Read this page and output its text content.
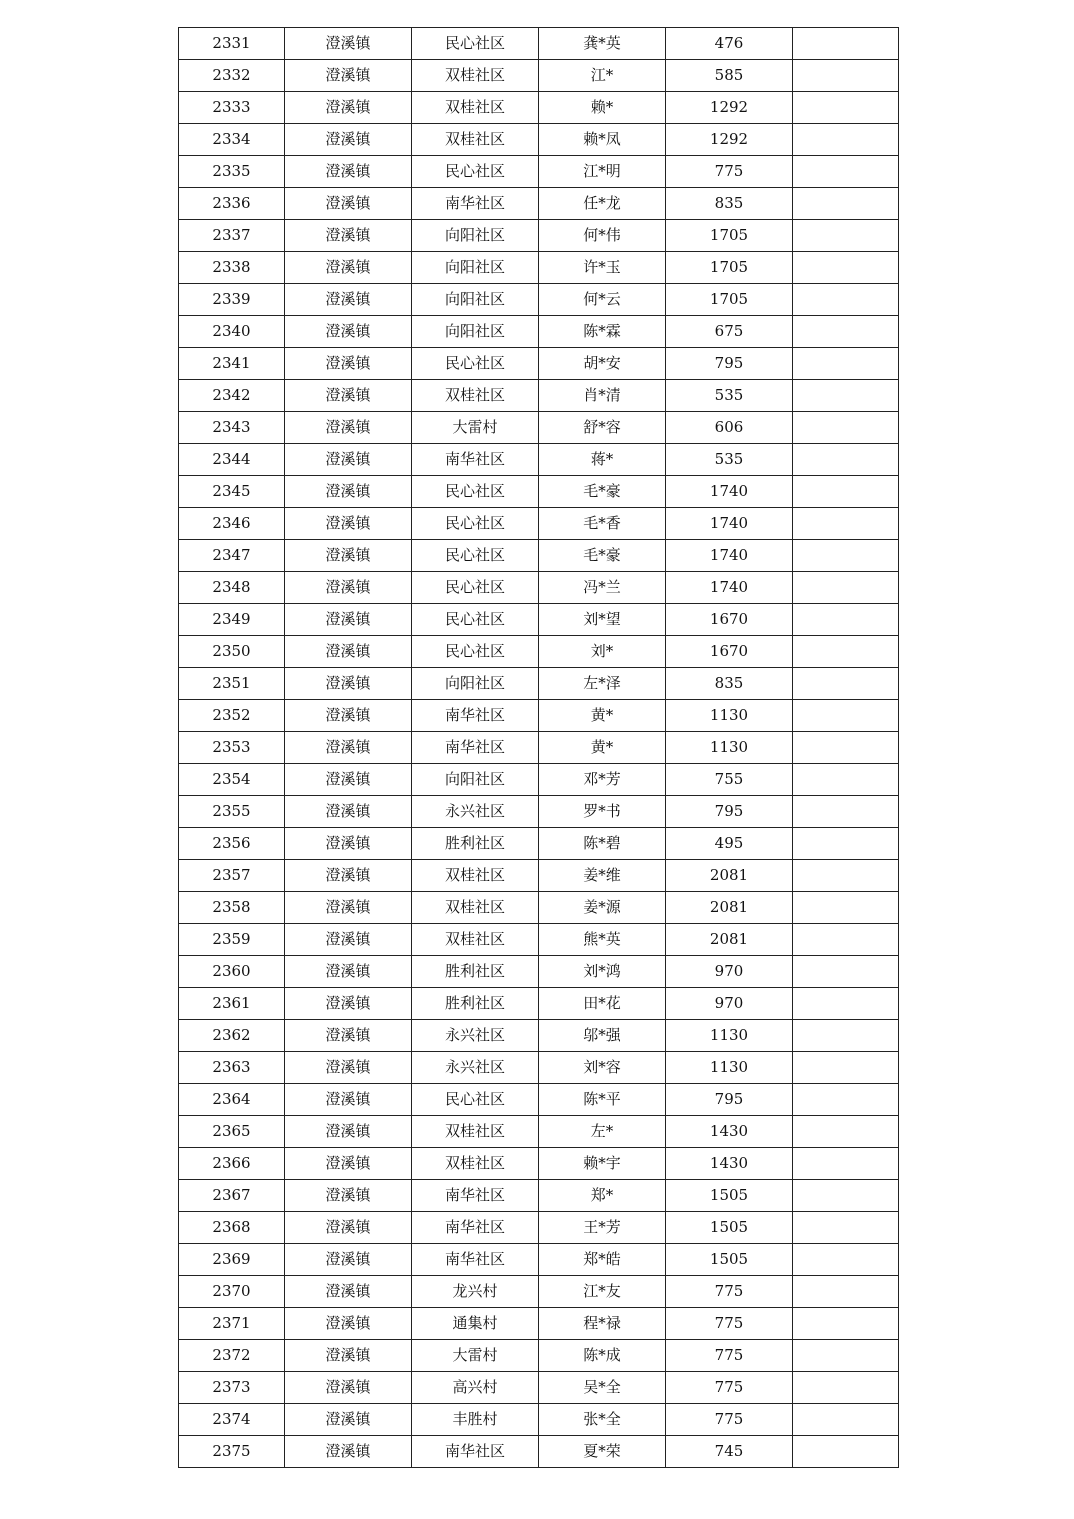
2331	澄溪镇	民心社区	龚*英	476	
2332	澄溪镇	双桂社区	江*	585	
2333	澄溪镇	双桂社区	赖*	1292	
2334	澄溪镇	双桂社区	赖*凤	1292	
2335	澄溪镇	民心社区	江*明	775	
2336	澄溪镇	南华社区	任*龙	835	
2337	澄溪镇	向阳社区	何*伟	1705	
2338	澄溪镇	向阳社区	许*玉	1705	
2339	澄溪镇	向阳社区	何*云	1705	
2340	澄溪镇	向阳社区	陈*霖	675	
2341	澄溪镇	民心社区	胡*安	795	
2342	澄溪镇	双桂社区	肖*清	535	
2343	澄溪镇	大雷村	舒*容	606	
2344	澄溪镇	南华社区	蒋*	535	
2345	澄溪镇	民心社区	毛*豪	1740	
2346	澄溪镇	民心社区	毛*香	1740	
2347	澄溪镇	民心社区	毛*豪	1740	
2348	澄溪镇	民心社区	冯*兰	1740	
2349	澄溪镇	民心社区	刘*望	1670	
2350	澄溪镇	民心社区	刘*	1670	
2351	澄溪镇	向阳社区	左*泽	835	
2352	澄溪镇	南华社区	黄*	1130	
2353	澄溪镇	南华社区	黄*	1130	
2354	澄溪镇	向阳社区	邓*芳	755	
2355	澄溪镇	永兴社区	罗*书	795	
2356	澄溪镇	胜利社区	陈*碧	495	
2357	澄溪镇	双桂社区	姜*维	2081	
2358	澄溪镇	双桂社区	姜*源	2081	
2359	澄溪镇	双桂社区	熊*英	2081	
2360	澄溪镇	胜利社区	刘*鸿	970	
2361	澄溪镇	胜利社区	田*花	970	
2362	澄溪镇	永兴社区	邬*强	1130	
2363	澄溪镇	永兴社区	刘*容	1130	
2364	澄溪镇	民心社区	陈*平	795	
2365	澄溪镇	双桂社区	左*	1430	
2366	澄溪镇	双桂社区	赖*宇	1430	
2367	澄溪镇	南华社区	郑*	1505	
2368	澄溪镇	南华社区	王*芳	1505	
2369	澄溪镇	南华社区	郑*皓	1505	
2370	澄溪镇	龙兴村	江*友	775	
2371	澄溪镇	通集村	程*禄	775	
2372	澄溪镇	大雷村	陈*成	775	
2373	澄溪镇	高兴村	吴*全	775	
2374	澄溪镇	丰胜村	张*全	775	
2375	澄溪镇	南华社区	夏*荣	745	
